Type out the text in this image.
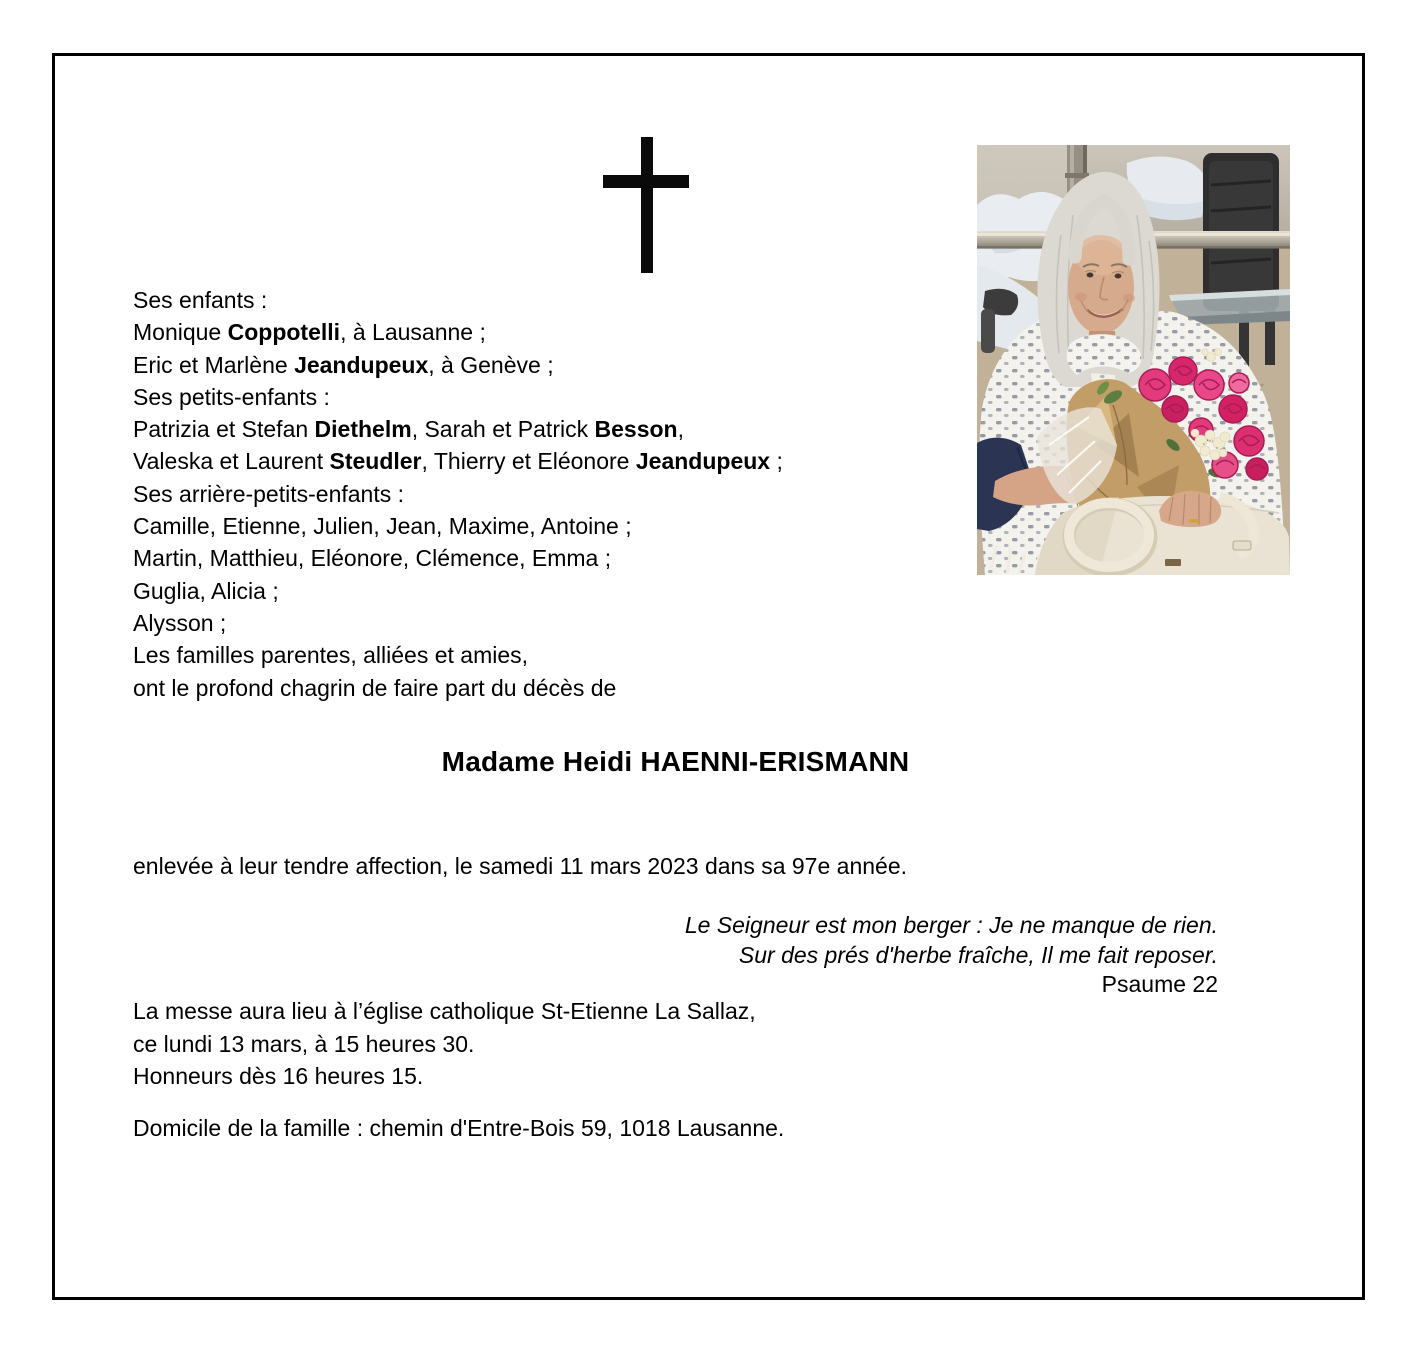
Ses enfants :
Monique Coppotelli, à Lausanne ;
Eric et Marlène Jeandupeux, à Genève ;
Ses petits-enfants :
Patrizia et Stefan Diethelm, Sarah et Patrick Besson,
Valeska et Laurent Steudler, Thierry et Eléonore Jeandupeux ;
Ses arrière-petits-enfants :
Camille, Etienne, Julien, Jean, Maxime, Antoine ;
Martin, Matthieu, Eléonore, Clémence, Emma ;
Guglia, Alicia ;
Alysson ;
Les familles parentes, alliées et amies,
ont le profond chagrin de faire part du décès de
Madame Heidi HAENNI-ERISMANN
enlevée à leur tendre affection, le samedi 11 mars 2023 dans sa 97e année.
Le Seigneur est mon berger : Je ne manque de rien.
Sur des prés d'herbe fraîche, Il me fait reposer.
Psaume 22
La messe aura lieu à l’église catholique St-Etienne La Sallaz,
ce lundi 13 mars, à 15 heures 30.
Honneurs dès 16 heures 15.
Domicile de la famille : chemin d'Entre-Bois 59, 1018 Lausanne.
